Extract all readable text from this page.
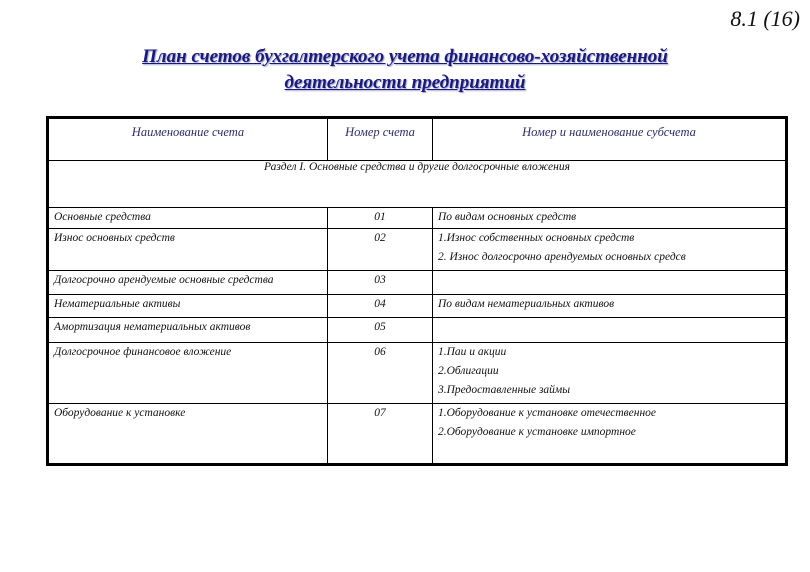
8.1 (16)
План счетов бухгалтерского учета финансово-хозяйственной
деятельности предприятий
Наименование счета	Номер счета	Номер и наименование субсчета
Раздел I. Основные средства и другие долгосрочные вложения		
Основные средства	01	По видам основных средств

Износ основных средств	02	1.Износ собственных основных средств
2. Износ долгосрочно арендуемых основных средсв

Долгосрочно арендуемые основные средства	03	
Нематериальные активы	04	По видам нематериальных активов

Амортизация нематериальных активов	05	
Долгосрочное финансовое вложение	06	1.Паи и акции
2.Облигации
3.Предоставленные займы

Оборудование к установке	07	1.Оборудование к установке отечественное
2.Оборудование к установке импортное
